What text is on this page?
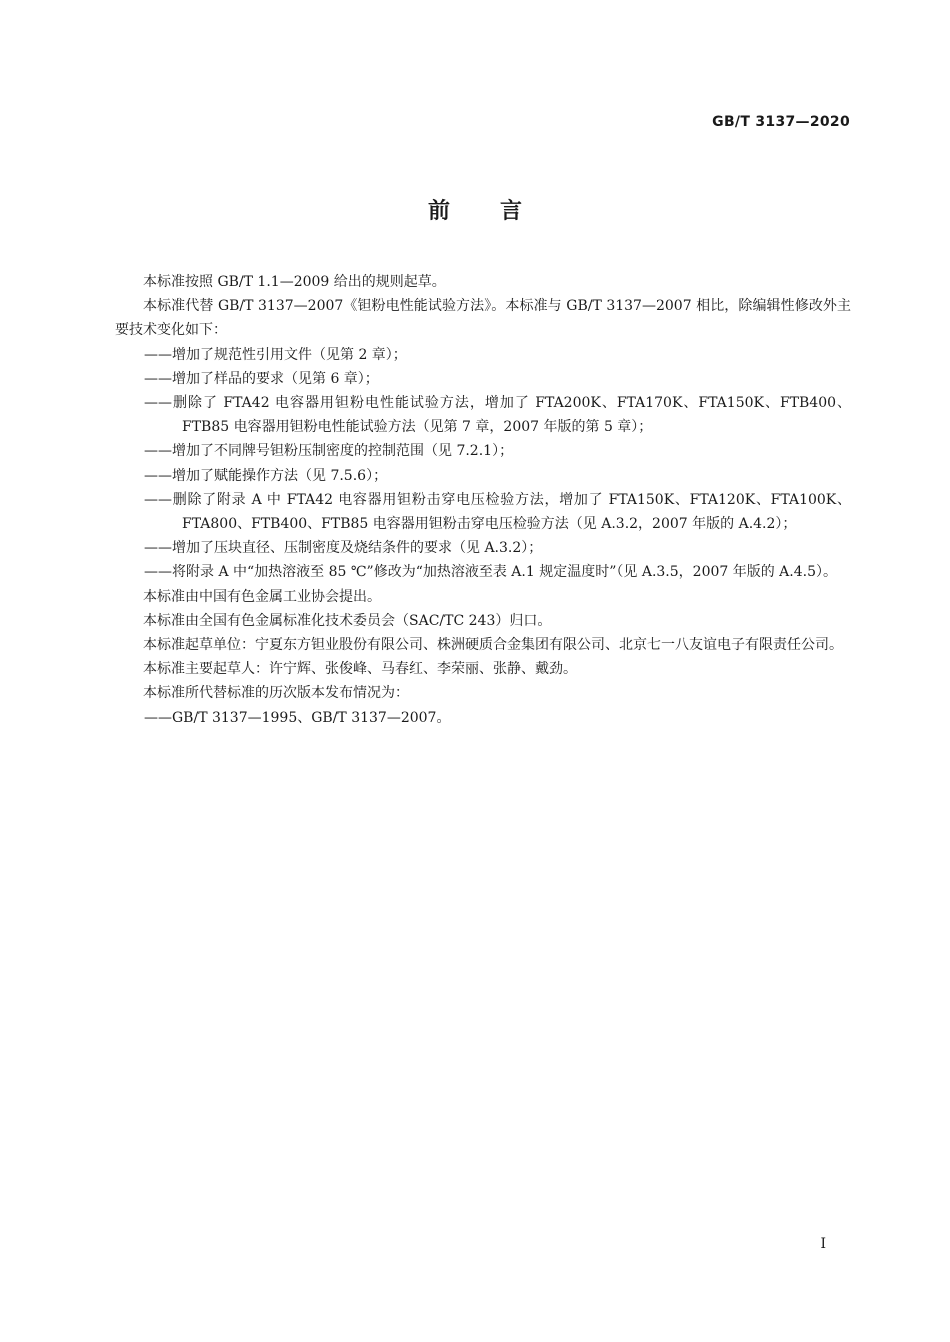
GB/T 3137—2020
前言

本标准按照 GB/T 1.1—2009 给出的规则起草。

本标准代替 GB/T 3137—2007《钽粉电性能试验方法》。本标准与 GB/T 3137—2007 相比，除编辑性修改外主要技术变化如下：

——增加了规范性引用文件（见第 2 章）；

——增加了样品的要求（见第 6 章）；

——删除了 FTA42 电容器用钽粉电性能试验方法，增加了 FTA200K、FTA170K、FTA150K、FTB400、FTB85 电容器用钽粉电性能试验方法（见第 7 章，2007 年版的第 5 章）；

——增加了不同牌号钽粉压制密度的控制范围（见 7.2.1）；

——增加了赋能操作方法（见 7.5.6）；

——删除了附录 A 中 FTA42 电容器用钽粉击穿电压检验方法，增加了 FTA150K、FTA120K、FTA100K、FTA800、FTB400、FTB85 电容器用钽粉击穿电压检验方法（见 A.3.2，2007 年版的 A.4.2）；

——增加了压块直径、压制密度及烧结条件的要求（见 A.3.2）；

——将附录 A 中“加热溶液至 85 ℃”修改为“加热溶液至表 A.1 规定温度时”（见 A.3.5，2007 年版的 A.4.5）。

本标准由中国有色金属工业协会提出。

本标准由全国有色金属标准化技术委员会（SAC/TC 243）归口。

本标准起草单位：宁夏东方钽业股份有限公司、株洲硬质合金集团有限公司、北京七一八友谊电子有限责任公司。

本标准主要起草人：许宁辉、张俊峰、马春红、李荣丽、张静、戴劲。

本标准所代替标准的历次版本发布情况为：

——GB/T 3137—1995、GB/T 3137—2007。

I
